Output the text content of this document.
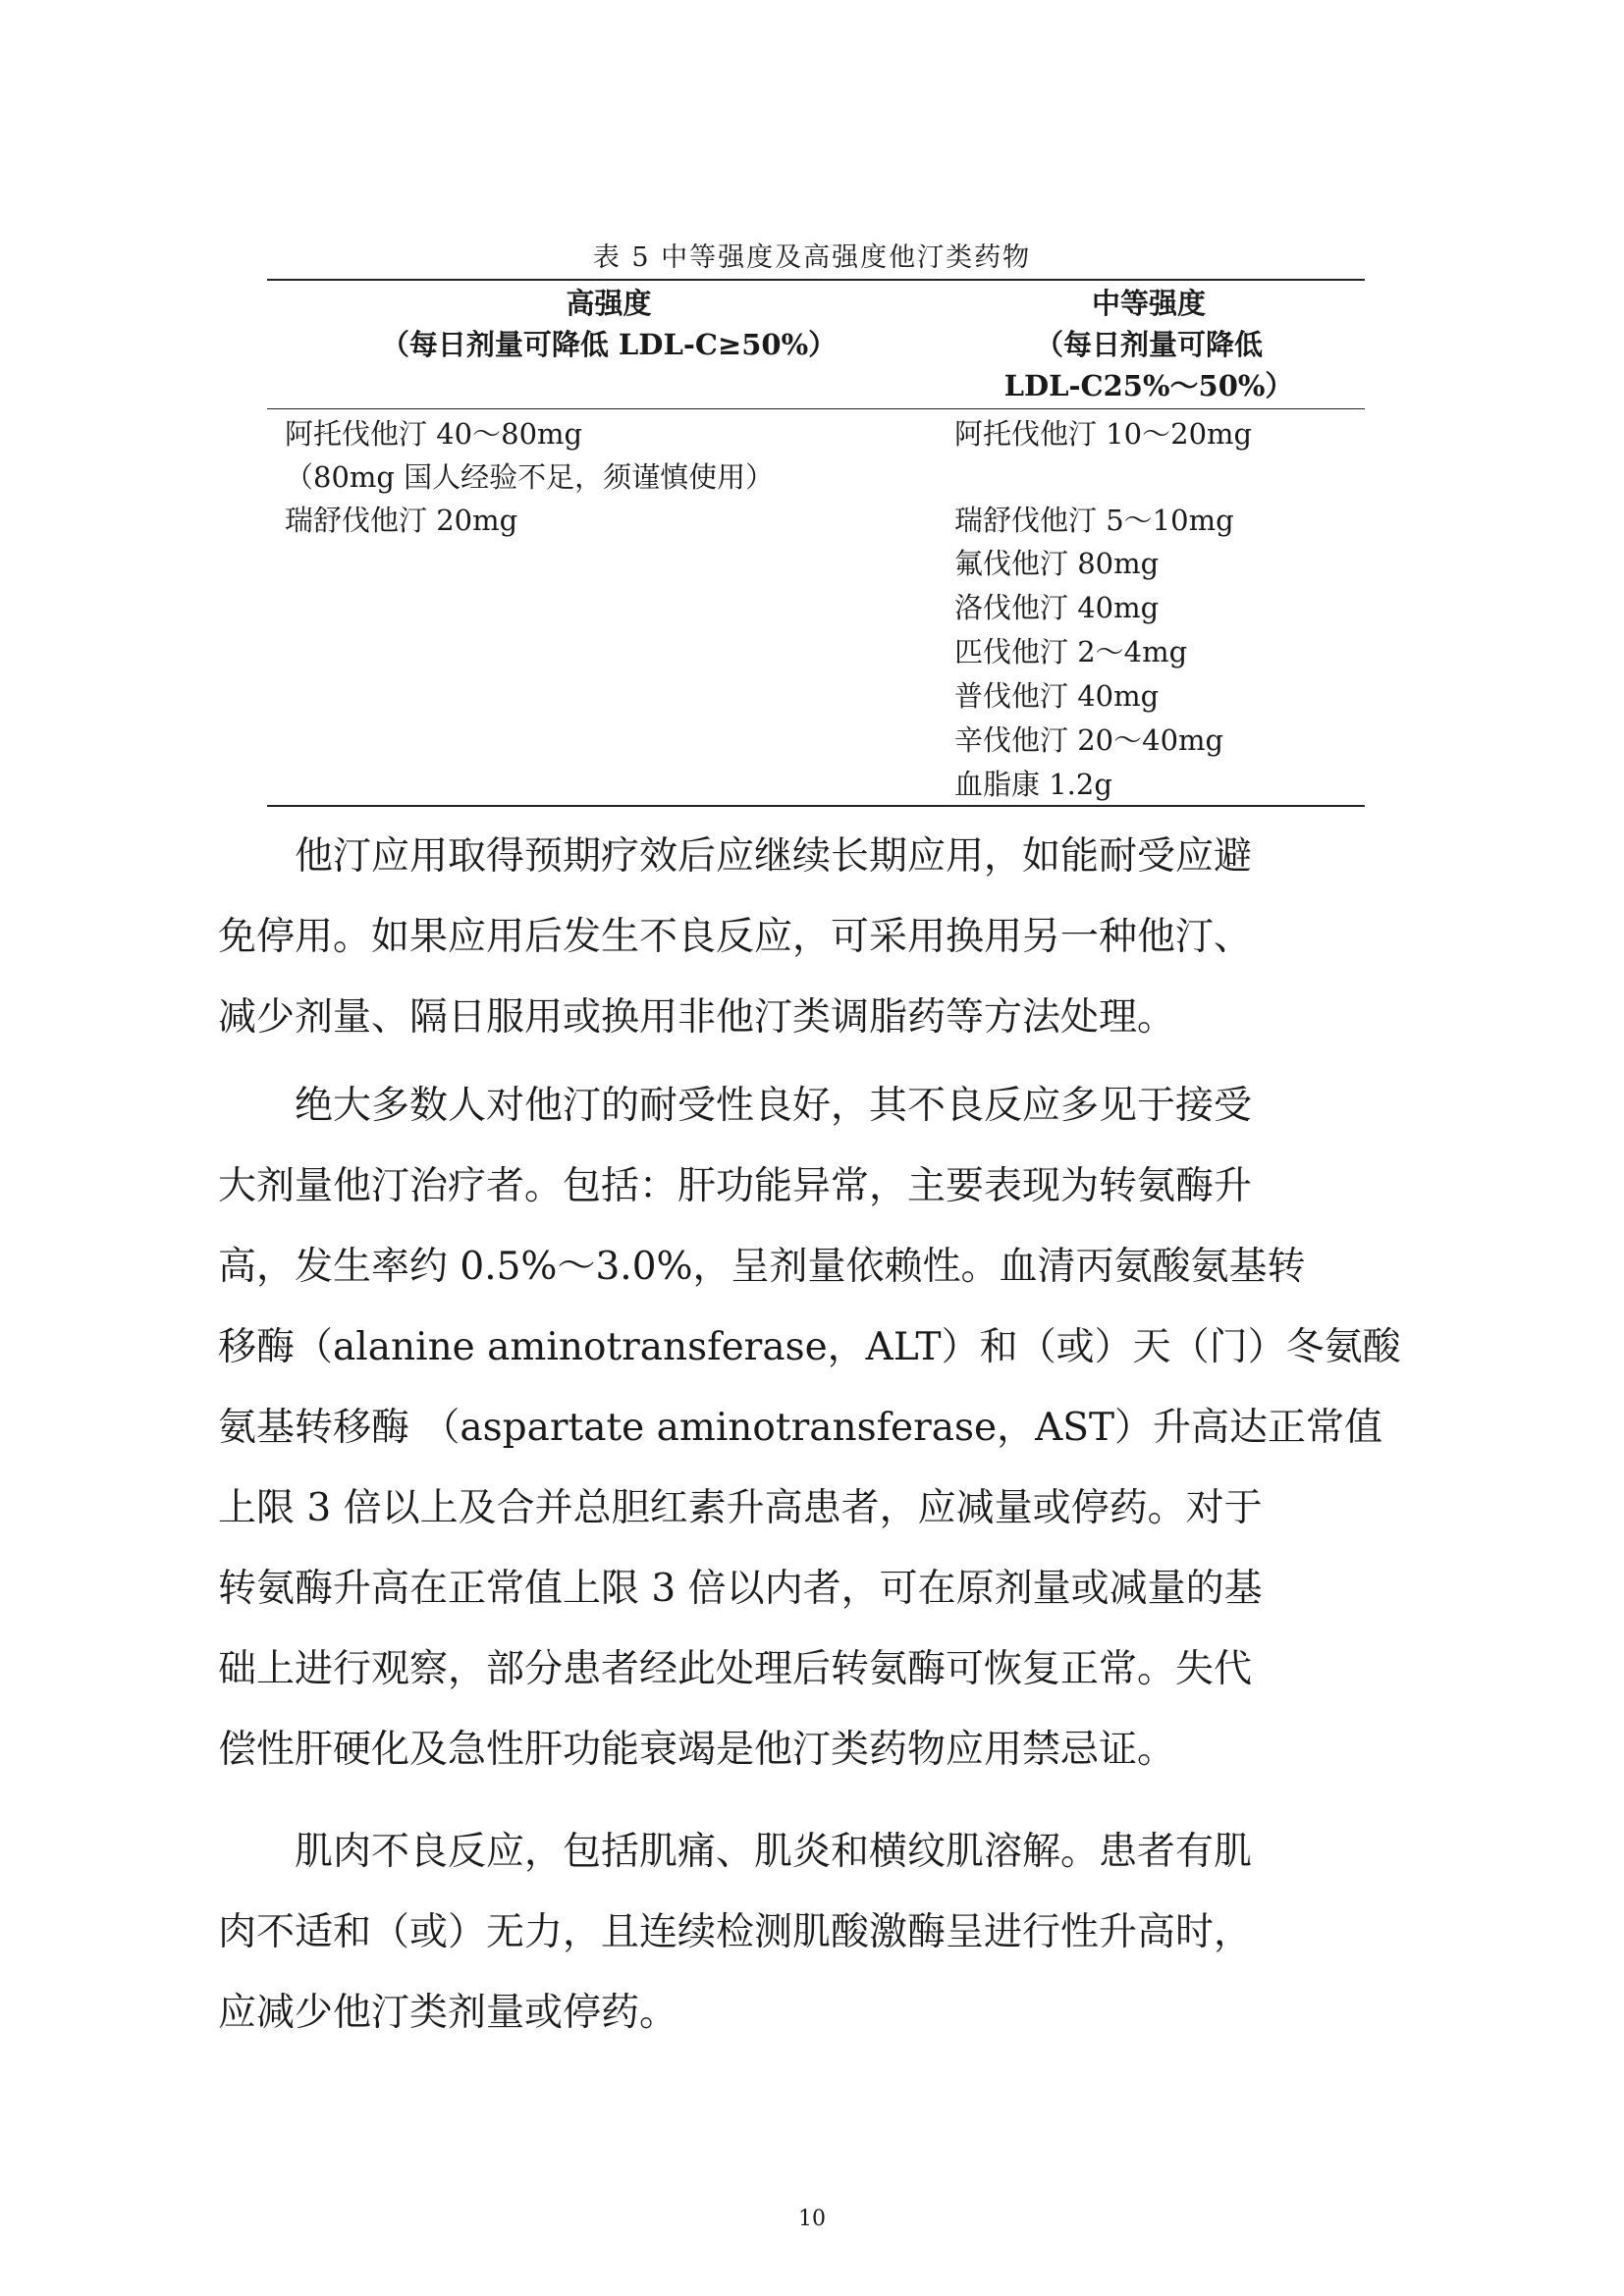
表 5 中等强度及高强度他汀类药物
高强度
（每日剂量可降低 LDL-C≥50%）
中等强度
（每日剂量可降低
LDL-C25%～50%）
阿托伐他汀 40～80mg
（80mg 国人经验不足，须谨慎使用）
瑞舒伐他汀 20mg
阿托伐他汀 10～20mg
瑞舒伐他汀 5～10mg
氟伐他汀 80mg
洛伐他汀 40mg
匹伐他汀 2～4mg
普伐他汀 40mg
辛伐他汀 20～40mg
血脂康 1.2g
　　他汀应用取得预期疗效后应继续长期应用，如能耐受应避
免停用。如果应用后发生不良反应，可采用换用另一种他汀、
减少剂量、隔日服用或换用非他汀类调脂药等方法处理。
　　绝大多数人对他汀的耐受性良好，其不良反应多见于接受
大剂量他汀治疗者。包括：肝功能异常，主要表现为转氨酶升
高，发生率约 0.5%～3.0%，呈剂量依赖性。血清丙氨酸氨基转
移酶（alanine aminotransferase，ALT）和（或）天（门）冬氨酸
氨基转移酶 （aspartate aminotransferase，AST）升高达正常值
上限 3 倍以上及合并总胆红素升高患者，应减量或停药。对于
转氨酶升高在正常值上限 3 倍以内者，可在原剂量或减量的基
础上进行观察，部分患者经此处理后转氨酶可恢复正常。失代
偿性肝硬化及急性肝功能衰竭是他汀类药物应用禁忌证。
　　肌肉不良反应，包括肌痛、肌炎和横纹肌溶解。患者有肌
肉不适和（或）无力，且连续检测肌酸激酶呈进行性升高时，
应减少他汀类剂量或停药。
10
